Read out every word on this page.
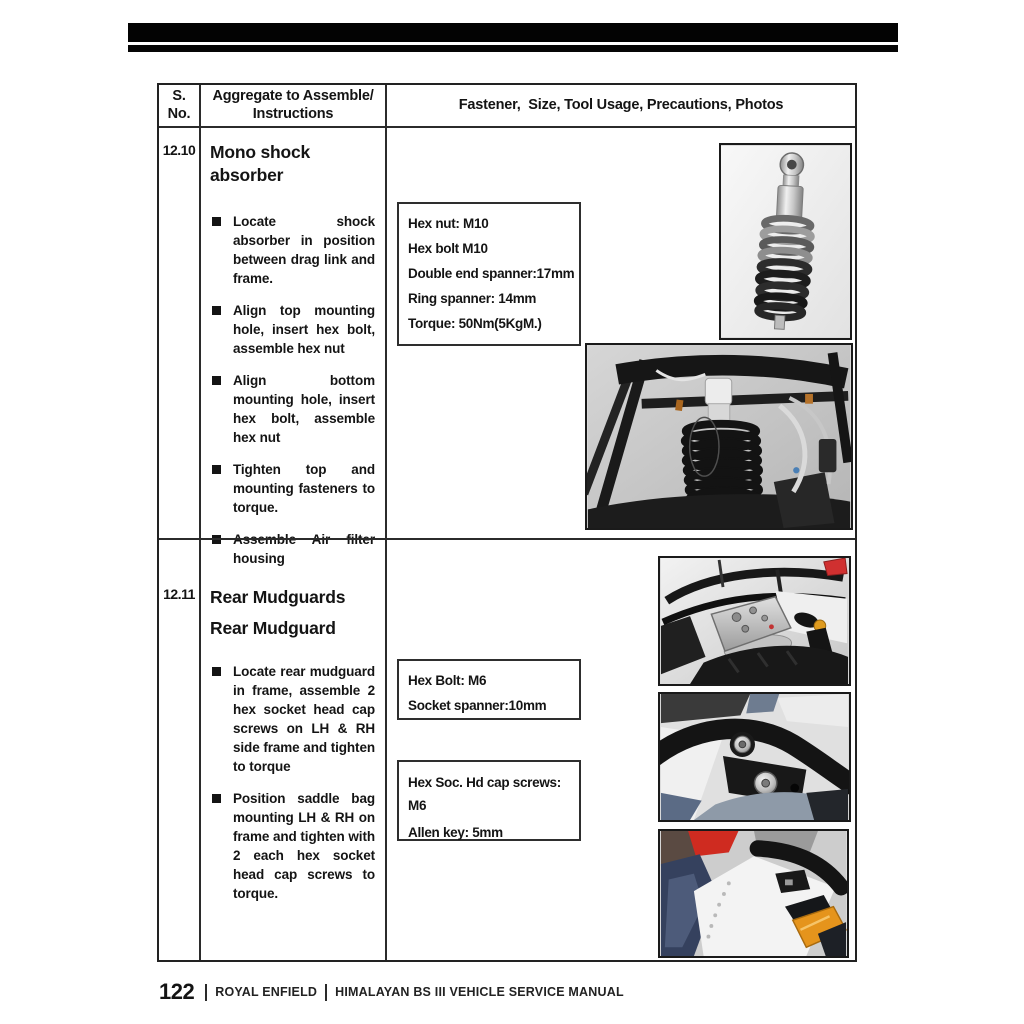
S.
No.
Aggregate to Assemble/
Instructions
Fastener,  Size, Tool Usage, Precautions, Photos
12.10 Mono shock absorber
Locate shock absorber in position between drag link and frame.
Align top mounting hole, insert hex bolt, assemble hex nut
Align bottom mounting hole, insert hex bolt, assemble hex nut
Tighten top and mounting fasteners to torque.
Assemble Air filter housing
Hex nut: M10
Hex bolt M10
Double end spanner:17mm
Ring spanner: 14mm
Torque: 50Nm(5KgM.)
12.11 Rear Mudguards
Rear Mudguard
Locate rear mudguard in frame, assemble 2 hex socket head cap screws on LH & RH side frame and tighten to torque
Position saddle bag mounting LH & RH on frame and tighten with 2 each hex socket head cap screws to torque.
Hex Bolt: M6
Socket spanner:10mm
Hex Soc. Hd cap screws: M6
Allen key: 5mm
122 ROYAL ENFIELD HIMALAYAN BS III VEHICLE SERVICE MANUAL
